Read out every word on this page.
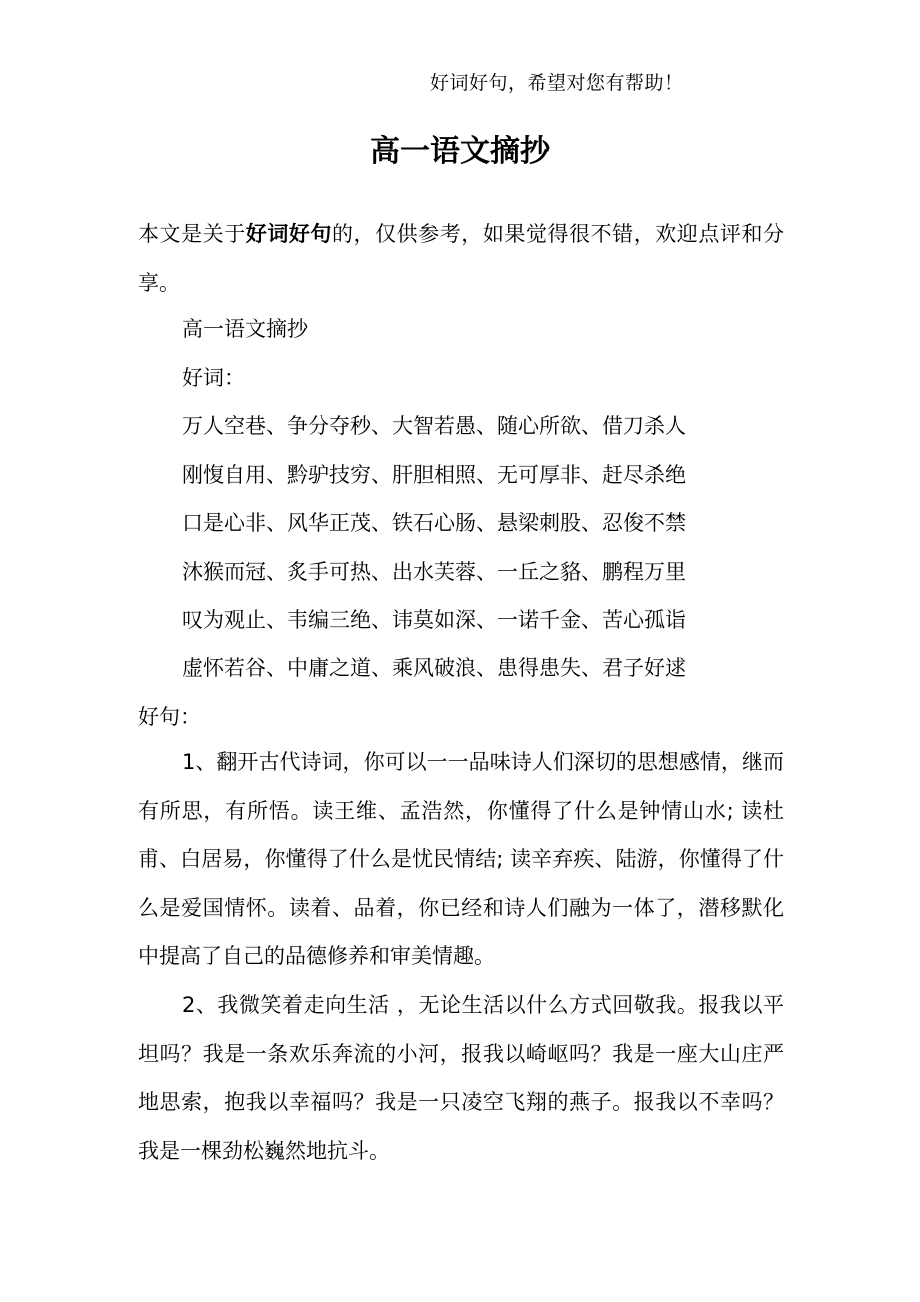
好词好句，希望对您有帮助！
高一语文摘抄

本文是关于好词好句的，仅供参考，如果觉得很不错，欢迎点评和分享。

高一语文摘抄

好词：

万人空巷、争分夺秒、大智若愚、随心所欲、借刀杀人

刚愎自用、黔驴技穷、肝胆相照、无可厚非、赶尽杀绝

口是心非、风华正茂、铁石心肠、悬梁刺股、忍俊不禁

沐猴而冠、炙手可热、出水芙蓉、一丘之貉、鹏程万里

叹为观止、韦编三绝、讳莫如深、一诺千金、苦心孤诣

虚怀若谷、中庸之道、乘风破浪、患得患失、君子好逑

好句：

1、翻开古代诗词，你可以一一品味诗人们深切的思想感情，继而有所思，有所悟。读王维、孟浩然，你懂得了什么是钟情山水; 读杜甫、白居易，你懂得了什么是忧民情结; 读辛弃疾、陆游，你懂得了什么是爱国情怀。读着、品着，你已经和诗人们融为一体了，潜移默化中提高了自己的品德修养和审美情趣。

2、我微笑着走向生活 ，无论生活以什么方式回敬我。报我以平坦吗？我是一条欢乐奔流的小河，报我以崎岖吗？我是一座大山庄严地思索，抱我以幸福吗？我是一只凌空飞翔的燕子。报我以不幸吗？我是一棵劲松巍然地抗斗。
